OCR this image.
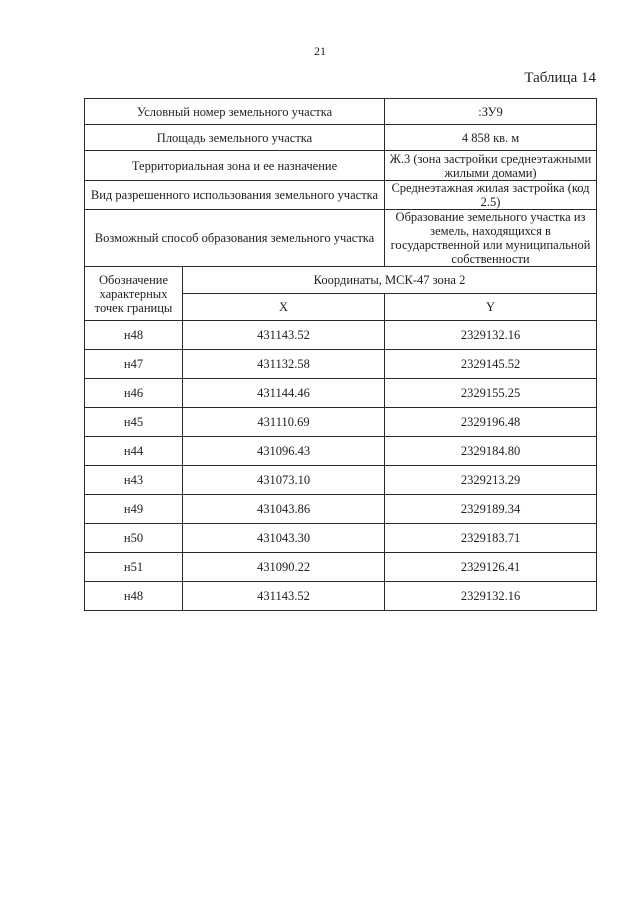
21
Таблица 14
Условный номер земельного участка		:ЗУ9
Площадь земельного участка		4 858 кв. м
Территориальная зона и ее назначение		Ж.3 (зона застройки среднеэтажными жилыми домами)
Вид разрешенного использования земельного участка		Среднеэтажная жилая застройка (код 2.5)
Возможный способ образования земельного участка		Образование земельного участка из земель, находящихся в государственной или муниципальной собственности
Обозначение характерных точек границы	Координаты, МСК-47 зона 2	
	X	Y
н48	431143.52	2329132.16
н47	431132.58	2329145.52
н46	431144.46	2329155.25
н45	431110.69	2329196.48
н44	431096.43	2329184.80
н43	431073.10	2329213.29
н49	431043.86	2329189.34
н50	431043.30	2329183.71
н51	431090.22	2329126.41
н48	431143.52	2329132.16
